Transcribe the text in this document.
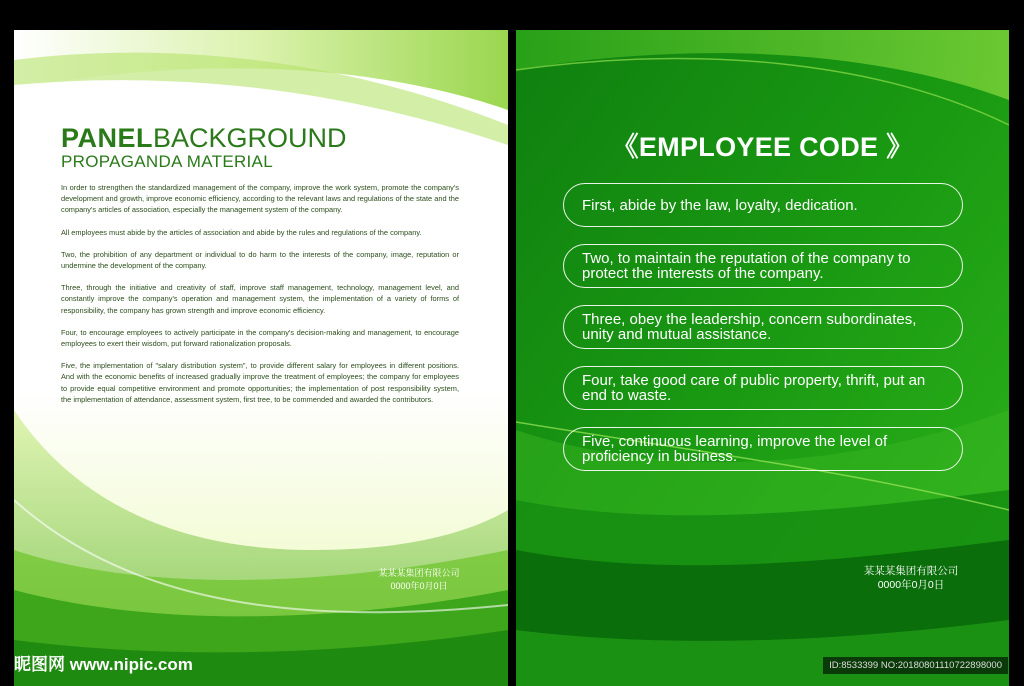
PANELBACKGROUND
PROPAGANDA MATERIAL

In order to strengthen the standardized management of the company, improve the work system, promote the company's development and growth, improve economic efficiency, according to the relevant laws and regulations of the state and the company's articles of association, especially the management system of the company.

All employees must abide by the articles of association and abide by the rules and regulations of the company.

Two, the prohibition of any department or individual to do harm to the interests of the company, image, reputation or undermine the development of the company.

Three, through the initiative and creativity of staff, improve staff management, technology, management level, and constantly improve the company's operation and management system, the implementation of a variety of forms of responsibility, the company has grown strength and improve economic efficiency.

Four, to encourage employees to actively participate in the company's decision-making and management, to encourage employees to exert their wisdom, put forward rationalization proposals.

Five, the implementation of "salary distribution system", to provide different salary for employees in different positions. And with the economic benefits of increased gradually improve the treatment of employees; the company for employees to provide equal competitive environment and promote opportunities; the implementation of post responsibility system, the implementation of attendance, assessment system, first tree, to be commended and awarded the contributors.

某某某集团有限公司
0000年0月0日
《EMPLOYEE CODE 》
First, abide by the law, loyalty, dedication.
Two, to maintain the reputation of the company to protect the interests of the company.
Three, obey the leadership, concern subordinates, unity and mutual assistance.
Four, take good care of public property, thrift, put an end to waste.
Five, continuous learning, improve the level of proficiency in business.
某某某集团有限公司
0000年0月0日
昵图网 www.nipic.com	ID:8533399 NO:20180801110722898000
